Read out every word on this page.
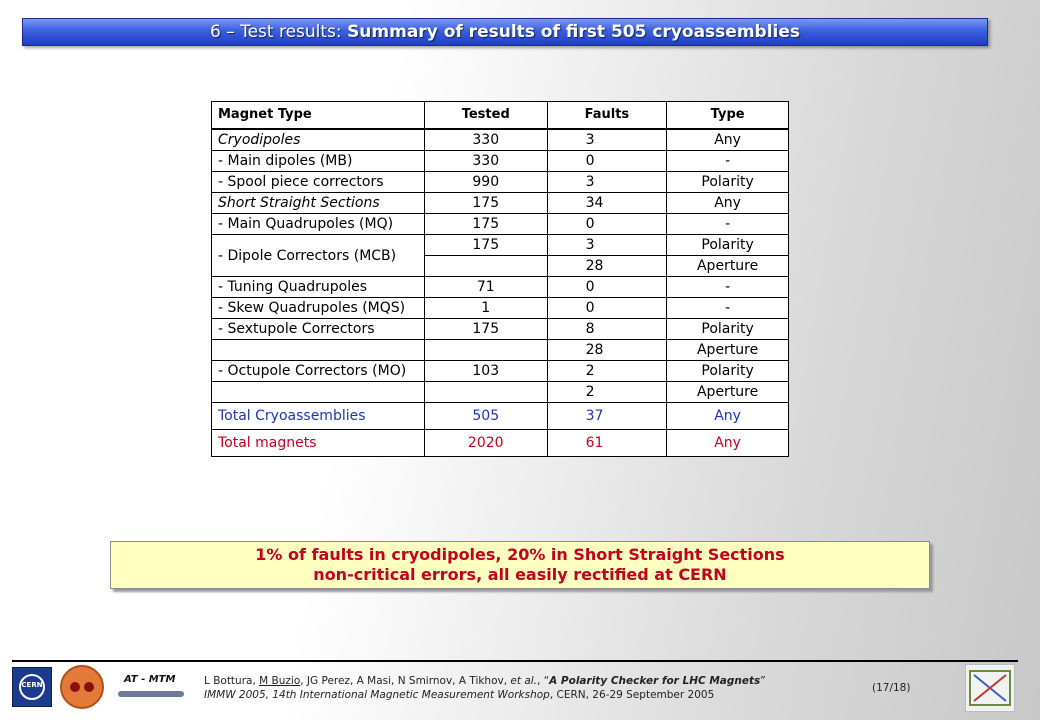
6 – Test results:
Summary of results of first 505 cryoassemblies
Magnet Type	Tested	Faults	Type
Cryodipoles	330	3	Any
- Main dipoles (MB)	330	0	-
- Spool piece correctors	990	3	Polarity
Short Straight Sections	175	34	Any
- Main Quadrupoles (MQ)	175	0	-
- Dipole Correctors (MCB)	175	3	Polarity
		28	Aperture
- Tuning Quadrupoles	71	0	-
- Skew Quadrupoles (MQS)	1	0	-
- Sextupole Correctors	175	8	Polarity
		28	Aperture
- Octupole Correctors (MO)	103	2	Polarity
		2	Aperture
Total Cryoassemblies	505	37	Any
Total magnets	2020	61	Any
1% of faults in cryodipoles, 20% in Short Straight Sections
non-critical errors, all easily rectified at CERN
CERN	AT - MTM	L Bottura, M Buzio, JG Perez, A Masi, N Smirnov, A Tikhov, et al., “A Polarity Checker for LHC Magnets”
IMMW 2005, 14th International Magnetic Measurement Workshop, CERN, 26-29 September 2005
(17/18)
